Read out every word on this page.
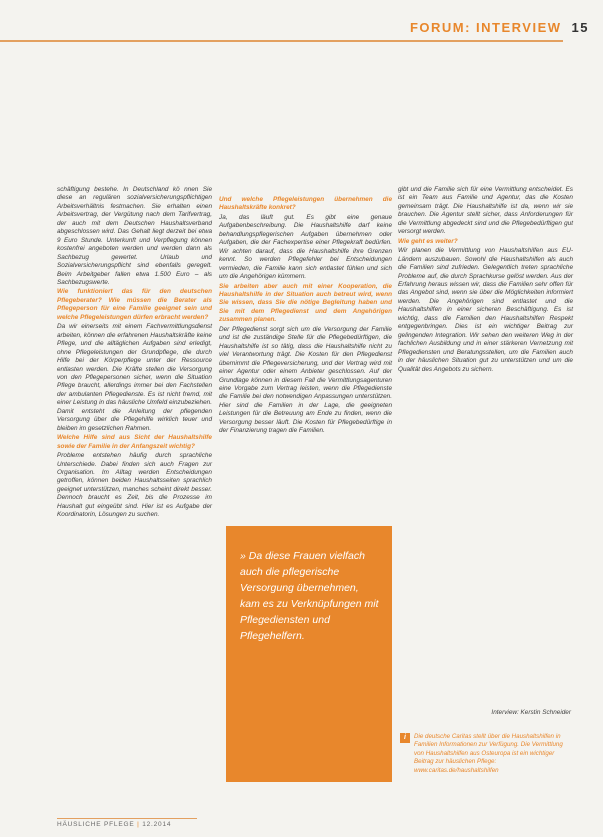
FORUM: INTERVIEW 15

schäftigung bestehe. In Deutschland kö nnen Sie diese an regulären sozialversicherungspflichtigen Arbeitsverhältnis festmachen. Sie erhalten einen Arbeitsvertrag, der Vergütung nach dem Tarifvertrag, der auch mit dem Deutschen Haushaltsverband abgeschlossen wird. Das Gehalt liegt derzeit bei etwa 9 Euro Stunde. Unterkunft und Verpflegung können kostenfrei angeboten werden und werden dann als Sachbezug gewertet. Urlaub und Sozialversicherungspflicht sind ebenfalls geregelt. Beim Arbeitgeber fallen etwa 1.500 Euro – als Sachbezugswerte.

Wie funktioniert das für den deutschen Pflegeberater? Wie müssen die Berater als Pflegeperson für eine Familie geeignet sein und welche Pflegeleistungen dürfen erbracht werden?

Da wir einerseits mit einem Fachvermittlungsdienst arbeiten, können die erfahrenen Haushaltskräfte keine Pflege, und die alltäglichen Aufgaben sind erledigt, ohne Pflegeleistungen der Grundpflege, die durch Hilfe bei der Körperpflege unter der Ressource entlasten werden. Die Kräfte stellen die Versorgung von den Pflegepersonen sicher, wenn die Situation Pflege braucht, allerdings immer bei den Fachstellen der ambulanten Pflegedienste. Es ist nicht fremd, mit einer Leistung in das häusliche Umfeld einzubeziehen. Damit entsteht die Anleitung der pflegenden Versorgung über die Pflegehilfe wirklich teuer und bleiben im gesetzlichen Rahmen.

Welche Hilfe sind aus Sicht der Haushaltshilfe sowie der Familie in der Anfangszeit wichtig?

Probleme entstehen häufig durch sprachliche Unterschiede. Dabei finden sich auch Fragen zur Organisation. Im Alltag werden Entscheidungen getroffen, können beiden Haushaltsseiten sprachlich geeignet unterstützen, manches scheint direkt besser. Dennoch braucht es Zeit, bis die Prozesse im Haushalt gut eingeübt sind. Hier ist es Aufgabe der Koordinatorin, Lösungen zu suchen.

Und welche Pflegeleistungen übernehmen die Haushaltskräfte konkret?

Ja, das läuft gut. Es gibt eine genaue Aufgabenbeschreibung. Die Haushaltshilfe darf keine behandlungspflegerischen Aufgaben übernehmen oder Aufgaben, die der Fachexpertise einer Pflegekraft bedürfen. Wir achten darauf, dass die Haushaltshilfe ihre Grenzen kennt. So werden Pflegefehler bei Entscheidungen vermieden, die Familie kann sich entlastet fühlen und sich um die Angehörigen kümmern.

Sie arbeiten aber auch mit einer Kooperation, die Haushaltshilfe in der Situation auch betreut wird, wenn Sie wissen, dass Sie die nötige Begleitung haben und Sie mit dem Pflegedienst und dem Angehörigen zusammen planen.

Der Pflegedienst sorgt sich um die Versorgung der Familie und ist die zuständige Stelle für die Pflegebedürftigen, die Haushaltshilfe ist so tätig, dass die Haushaltshilfe nicht zu viel Verantwortung trägt. Die Kosten für den Pflegedienst übernimmt die Pflegeversicherung, und der Vertrag wird mit einer Agentur oder einem Anbieter geschlossen. Auf der Grundlage können in diesem Fall die Vermittlungsagenturen eine Vorgabe zum Vertrag leisten, wenn die Pflegedienste die Familie bei den notwendigen Anpassungen unterstützen. Hier sind die Familien in der Lage, die geeigneten Leistungen für die Betreuung am Ende zu finden, wenn die Versorgung besser läuft. Die Kosten für Pflegebedürftige in der Finanzierung tragen die Familien.

gibt und die Familie sich für eine Vermittlung entscheidet. Es ist ein Team aus Familie und Agentur, das die Kosten gemeinsam trägt. Die Haushaltshilfe ist da, wenn wir sie brauchen. Die Agentur stellt sicher, dass Anforderungen für die Vermittlung abgedeckt sind und die Pflegebedürftigen gut versorgt werden.

Wie geht es weiter?

Wir planen die Vermittlung von Haushaltshilfen aus EU-Ländern auszubauen. Sowohl die Haushaltshilfen als auch die Familien sind zufrieden. Gelegentlich treten sprachliche Probleme auf, die durch Sprachkurse gelöst werden. Aus der Erfahrung heraus wissen wir, dass die Familien sehr offen für das Angebot sind, wenn sie über die Möglichkeiten informiert werden. Die Angehörigen sind entlastet und die Haushaltshilfen in einer sicheren Beschäftigung. Es ist wichtig, dass die Familien den Haushaltshilfen Respekt entgegenbringen. Dies ist ein wichtiger Beitrag zur gelingenden Integration. Wir sehen den weiteren Weg in der fachlichen Ausbildung und in einer stärkeren Vernetzung mit Pflegediensten und Beratungsstellen, um die Familien auch in der häuslichen Situation gut zu unterstützen und um die Qualität des Angebots zu sichern.

» Da diese Frauen vielfach auch die pflegerische Versorgung übernehmen, kam es zu Verknüpfungen mit Pflegediensten und Pflegehelfern.
Interview: Kerstin Schneider
i	Die deutsche Caritas stellt über die Haushaltshilfen in Familien Informationen zur Verfügung. Die Vermittlung von Haushaltshilfen aus Osteuropa ist ein wichtiger Beitrag zur häuslichen Pflege: www.caritas.de/haushaltshilfen
HÄUSLICHE PFLEGE | 12.2014
